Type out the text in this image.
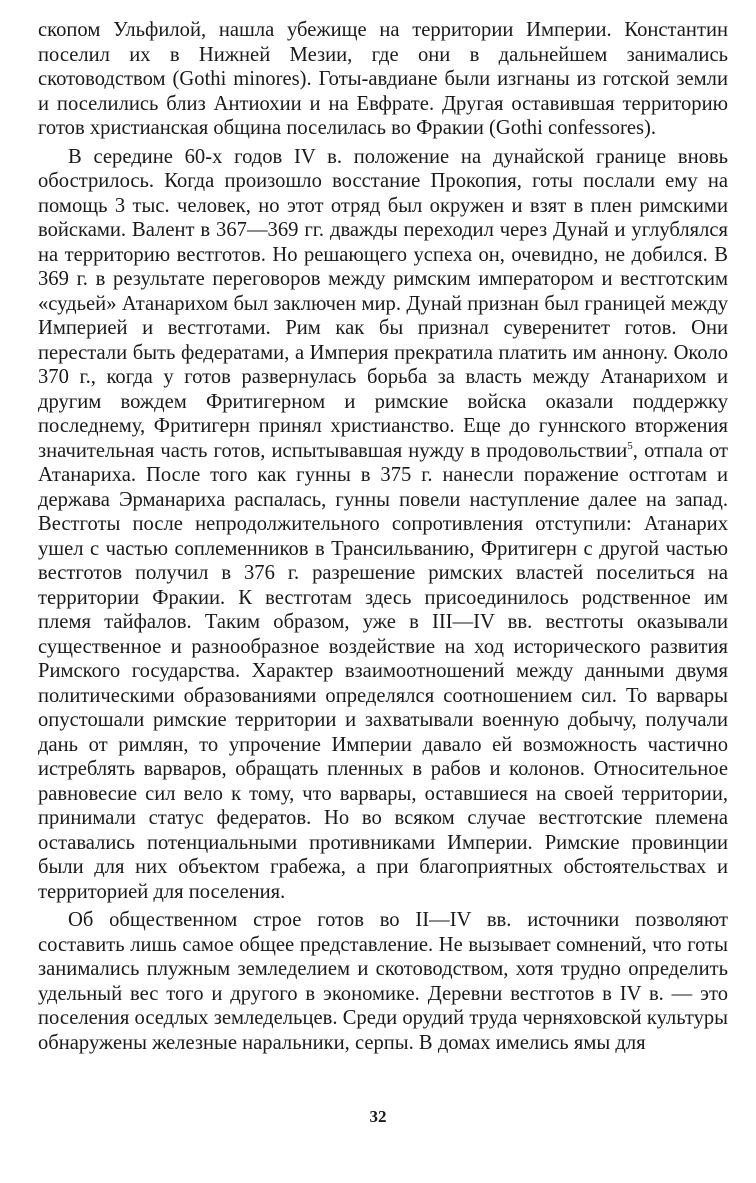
скопом Ульфилой, нашла убежище на территории Империи. Константин поселил их в Нижней Мезии, где они в дальнейшем занимались скотоводством (Gothi minores). Готы-авдиане были изгнаны из готской земли и поселились близ Антиохии и на Евфрате. Другая оставившая территорию готов христианская община поселилась во Фракии (Gothi confessores).

В середине 60-х годов IV в. положение на дунайской границе вновь обострилось. Когда произошло восстание Прокопия, готы послали ему на помощь 3 тыс. человек, но этот отряд был окружен и взят в плен римскими войсками. Валент в 367—369 гг. дважды переходил через Дунай и углублялся на территорию вестготов. Но решающего успеха он, очевидно, не добился. В 369 г. в результате переговоров между римским императором и вестготским «судьей» Атанарихом был заключен мир. Дунай признан был границей между Империей и вестготами. Рим как бы признал суверенитет готов. Они перестали быть федератами, а Империя прекратила платить им аннону. Около 370 г., когда у готов развернулась борьба за власть между Атанарихом и другим вождем Фритигерном и римские войска оказали поддержку последнему, Фритигерн принял христианство. Еще до гуннского вторжения значительная часть готов, испытывавшая нужду в продовольствии$^5$, отпала от Атанариха. После того как гунны в 375 г. нанесли поражение остготам и держава Эрманариха распалась, гунны повели наступление далее на запад. Вестготы после непродолжительного сопротивления отступили: Атанарих ушел с частью соплеменников в Трансильванию, Фритигерн с другой частью вестготов получил в 376 г. разрешение римских властей поселиться на территории Фракии. К вестготам здесь присоединилось родственное им племя тайфалов. Таким образом, уже в III—IV вв. вестготы оказывали существенное и разнообразное воздействие на ход исторического развития Римского государства. Характер взаимоотношений между данными двумя политическими образованиями определялся соотношением сил. То варвары опустошали римские территории и захватывали военную добычу, получали дань от римлян, то упрочение Империи давало ей возможность частично истреблять варваров, обращать пленных в рабов и колонов. Относительное равновесие сил вело к тому, что варвары, оставшиеся на своей территории, принимали статус федератов. Но во всяком случае вестготские племена оставались потенциальными противниками Империи. Римские провинции были для них объектом грабежа, а при благоприятных обстоятельствах и территорией для поселения.

Об общественном строе готов во II—IV вв. источники позволяют составить лишь самое общее представление. Не вызывает сомнений, что готы занимались плужным земледелием и скотоводством, хотя трудно определить удельный вес того и другого в экономике. Деревни вестготов в IV в. — это поселения оседлых земледельцев. Среди орудий труда черняховской культуры обнаружены железные наральники, серпы. В домах имелись ямы для

32
